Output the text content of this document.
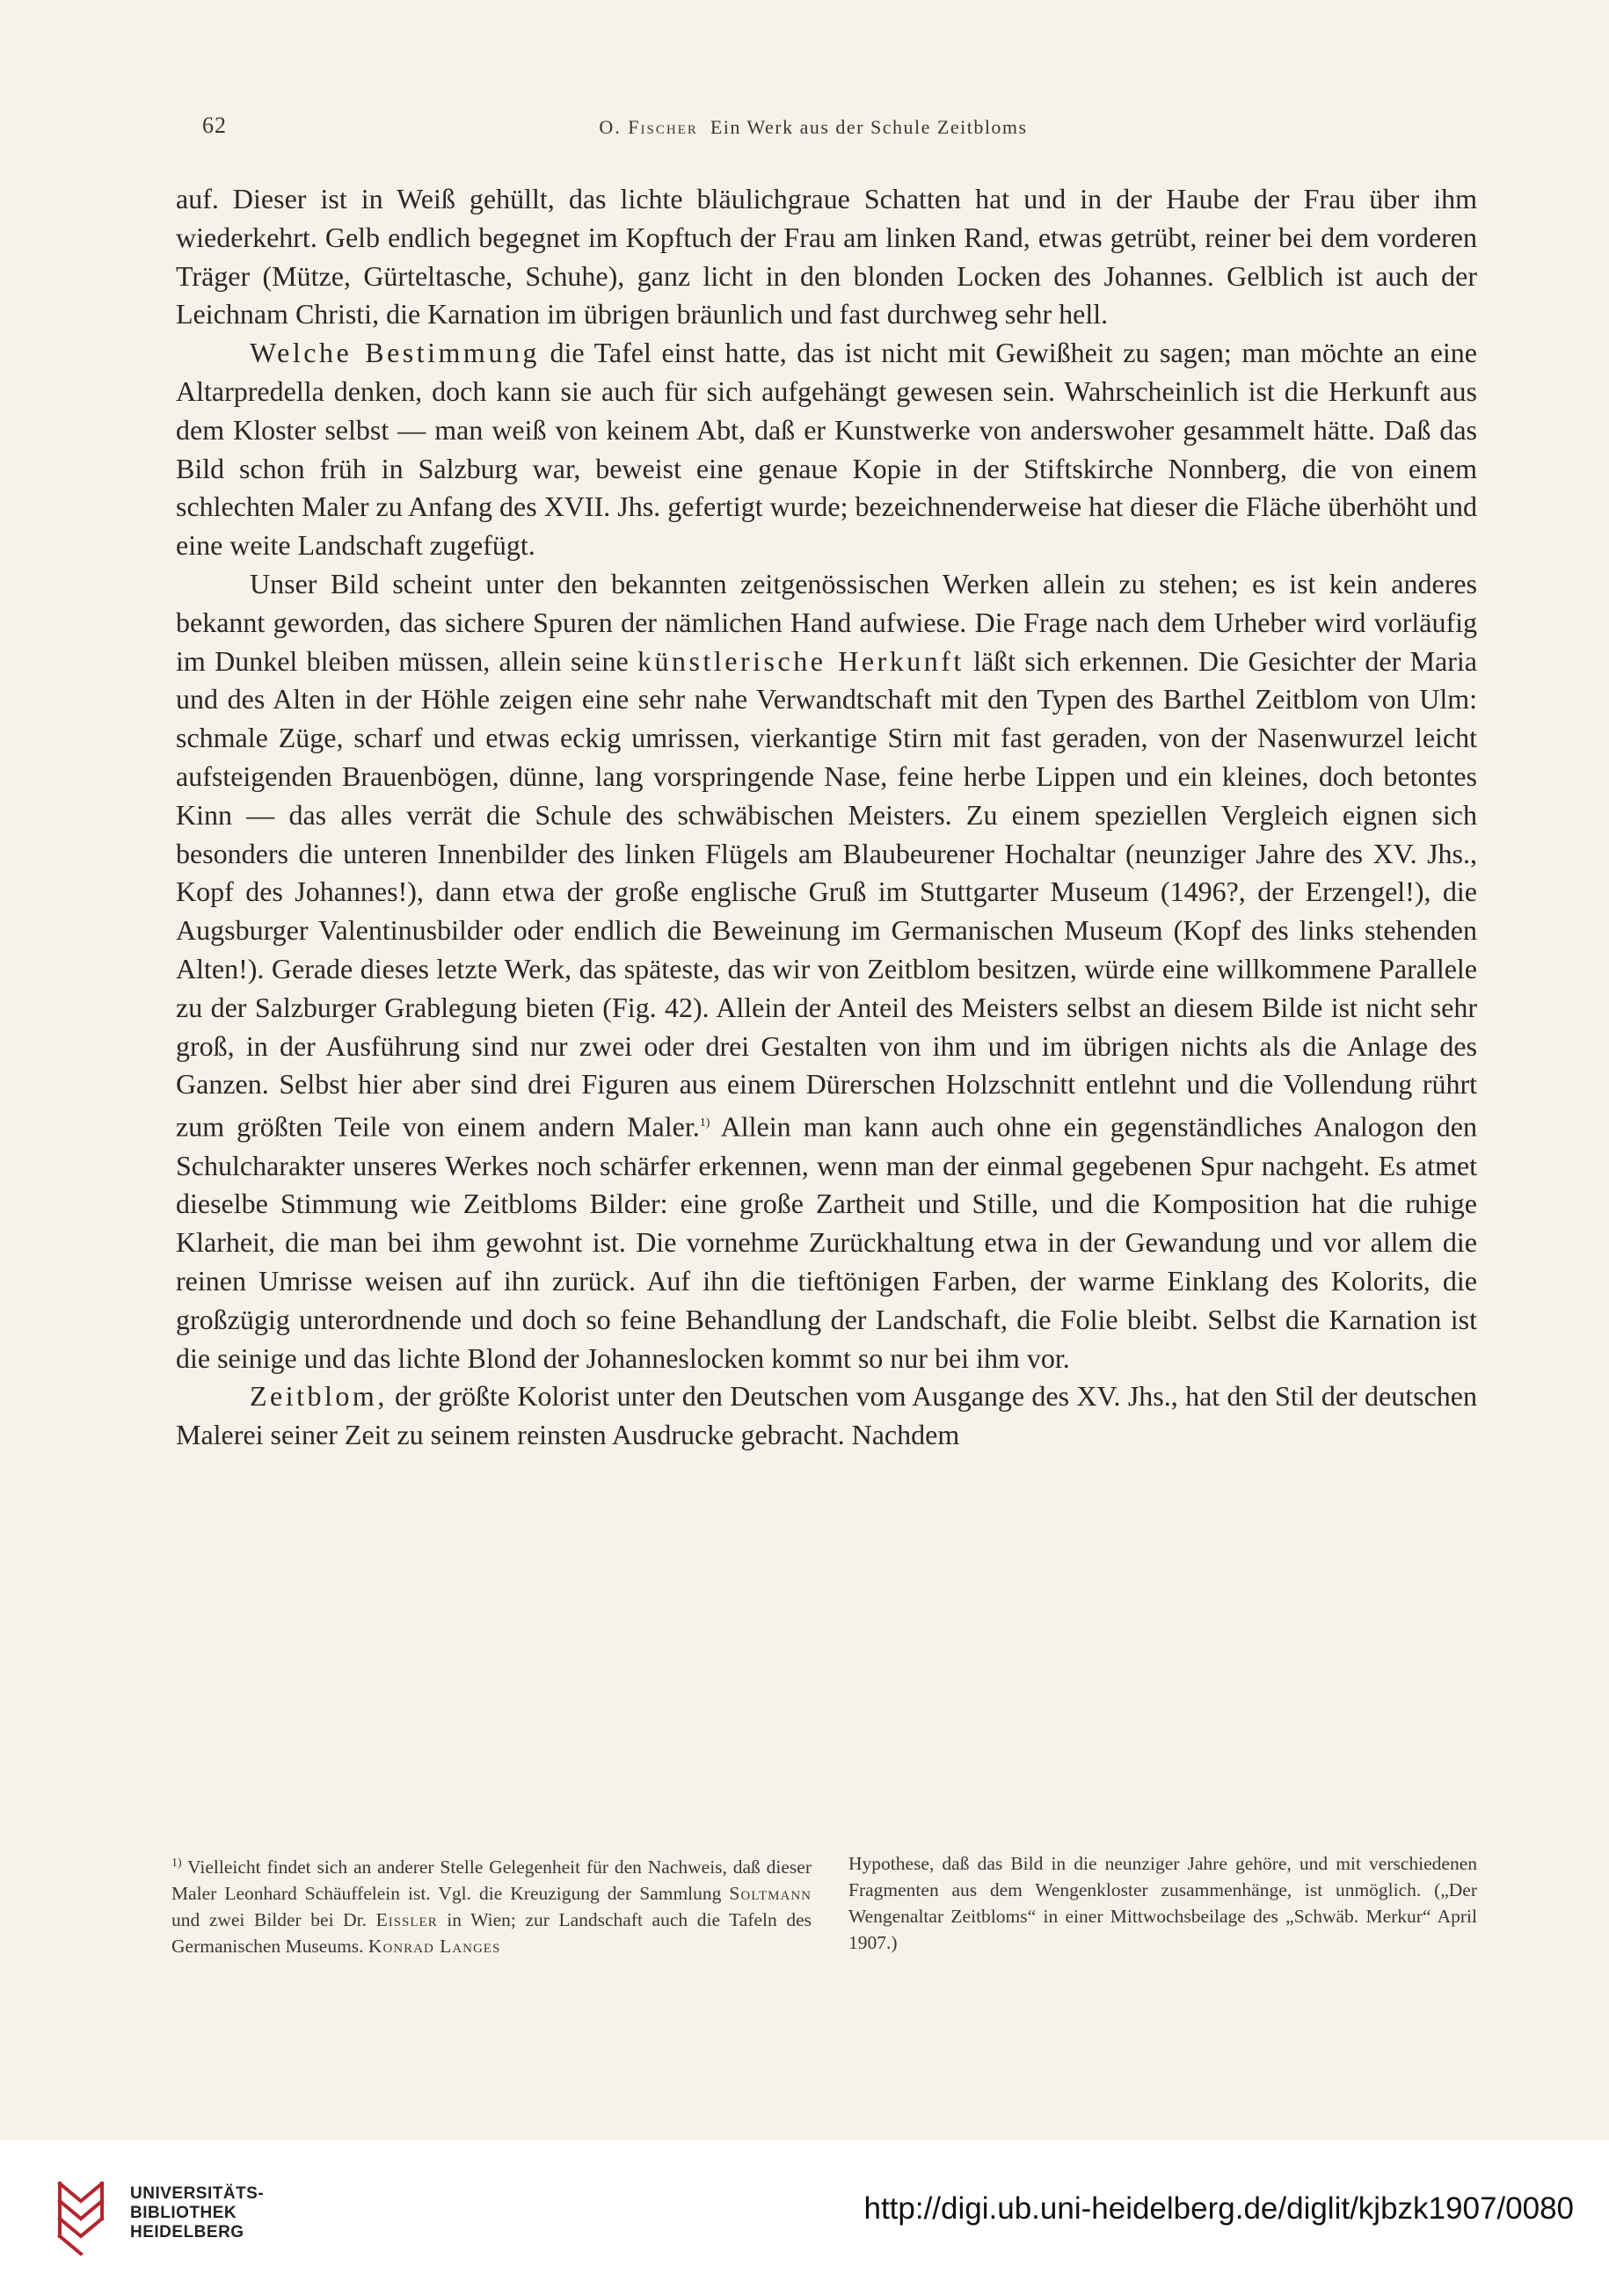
62	O. Fischer Ein Werk aus der Schule Zeitbloms

auf. Dieser ist in Weiß gehüllt, das lichte bläulichgraue Schatten hat und in der Haube der Frau über ihm wiederkehrt. Gelb endlich begegnet im Kopftuch der Frau am linken Rand, etwas getrübt, reiner bei dem vorderen Träger (Mütze, Gürteltasche, Schuhe), ganz licht in den blonden Locken des Johannes. Gelblich ist auch der Leichnam Christi, die Karnation im übrigen bräunlich und fast durchweg sehr hell.

Welche Bestimmung die Tafel einst hatte, das ist nicht mit Gewißheit zu sagen; man möchte an eine Altarpredella denken, doch kann sie auch für sich aufgehängt gewesen sein. Wahrscheinlich ist die Herkunft aus dem Kloster selbst — man weiß von keinem Abt, daß er Kunstwerke von anderswoher gesammelt hätte. Daß das Bild schon früh in Salzburg war, beweist eine genaue Kopie in der Stiftskirche Nonnberg, die von einem schlechten Maler zu Anfang des XVII. Jhs. gefertigt wurde; bezeichnenderweise hat dieser die Fläche überhöht und eine weite Landschaft zugefügt.

Unser Bild scheint unter den bekannten zeitgenössischen Werken allein zu stehen; es ist kein anderes bekannt geworden, das sichere Spuren der nämlichen Hand aufwiese. Die Frage nach dem Urheber wird vorläufig im Dunkel bleiben müssen, allein seine künstlerische Herkunft läßt sich erkennen. Die Gesichter der Maria und des Alten in der Höhle zeigen eine sehr nahe Verwandtschaft mit den Typen des Barthel Zeitblom von Ulm: schmale Züge, scharf und etwas eckig umrissen, vierkantige Stirn mit fast geraden, von der Nasenwurzel leicht aufsteigenden Brauenbögen, dünne, lang vorspringende Nase, feine herbe Lippen und ein kleines, doch betontes Kinn — das alles verrät die Schule des schwäbischen Meisters. Zu einem speziellen Vergleich eignen sich besonders die unteren Innenbilder des linken Flügels am Blaubeurener Hochaltar (neunziger Jahre des XV. Jhs., Kopf des Johannes!), dann etwa der große englische Gruß im Stuttgarter Museum (1496?, der Erzengel!), die Augsburger Valentinusbilder oder endlich die Beweinung im Germanischen Museum (Kopf des links stehenden Alten!). Gerade dieses letzte Werk, das späteste, das wir von Zeitblom besitzen, würde eine willkommene Parallele zu der Salzburger Grablegung bieten (Fig. 42). Allein der Anteil des Meisters selbst an diesem Bilde ist nicht sehr groß, in der Ausführung sind nur zwei oder drei Gestalten von ihm und im übrigen nichts als die Anlage des Ganzen. Selbst hier aber sind drei Figuren aus einem Dürerschen Holzschnitt entlehnt und die Vollendung rührt zum größten Teile von einem andern Maler.$^{1)}$ Allein man kann auch ohne ein gegenständliches Analogon den Schulcharakter unseres Werkes noch schärfer erkennen, wenn man der einmal gegebenen Spur nachgeht. Es atmet dieselbe Stimmung wie Zeitbloms Bilder: eine große Zartheit und Stille, und die Komposition hat die ruhige Klarheit, die man bei ihm gewohnt ist. Die vornehme Zurückhaltung etwa in der Gewandung und vor allem die reinen Umrisse weisen auf ihn zurück. Auf ihn die tieftönigen Farben, der warme Einklang des Kolorits, die großzügig unterordnende und doch so feine Behandlung der Landschaft, die Folie bleibt. Selbst die Karnation ist die seinige und das lichte Blond der Johanneslocken kommt so nur bei ihm vor.

Zeitblom, der größte Kolorist unter den Deutschen vom Ausgange des XV. Jhs., hat den Stil der deutschen Malerei seiner Zeit zu seinem reinsten Ausdrucke gebracht. Nachdem

$^{1)}$ Vielleicht findet sich an anderer Stelle Gelegenheit für den Nachweis, daß dieser Maler Leonhard Schäuffelein ist. Vgl. die Kreuzigung der Sammlung Soltmann und zwei Bilder bei Dr. Eissler in Wien; zur Landschaft auch die Tafeln des Germanischen Museums. Konrad Langes
Hypothese, daß das Bild in die neunziger Jahre gehöre, und mit verschiedenen Fragmenten aus dem Wengenkloster zusammenhänge, ist unmöglich. („Der Wengenaltar Zeitbloms“ in einer Mittwochsbeilage des „Schwäb. Merkur“ April 1907.)
UNIVERSITÄTS-
BIBLIOTHEK
HEIDELBERG
http://digi.ub.uni-heidelberg.de/diglit/kjbzk1907/0080
